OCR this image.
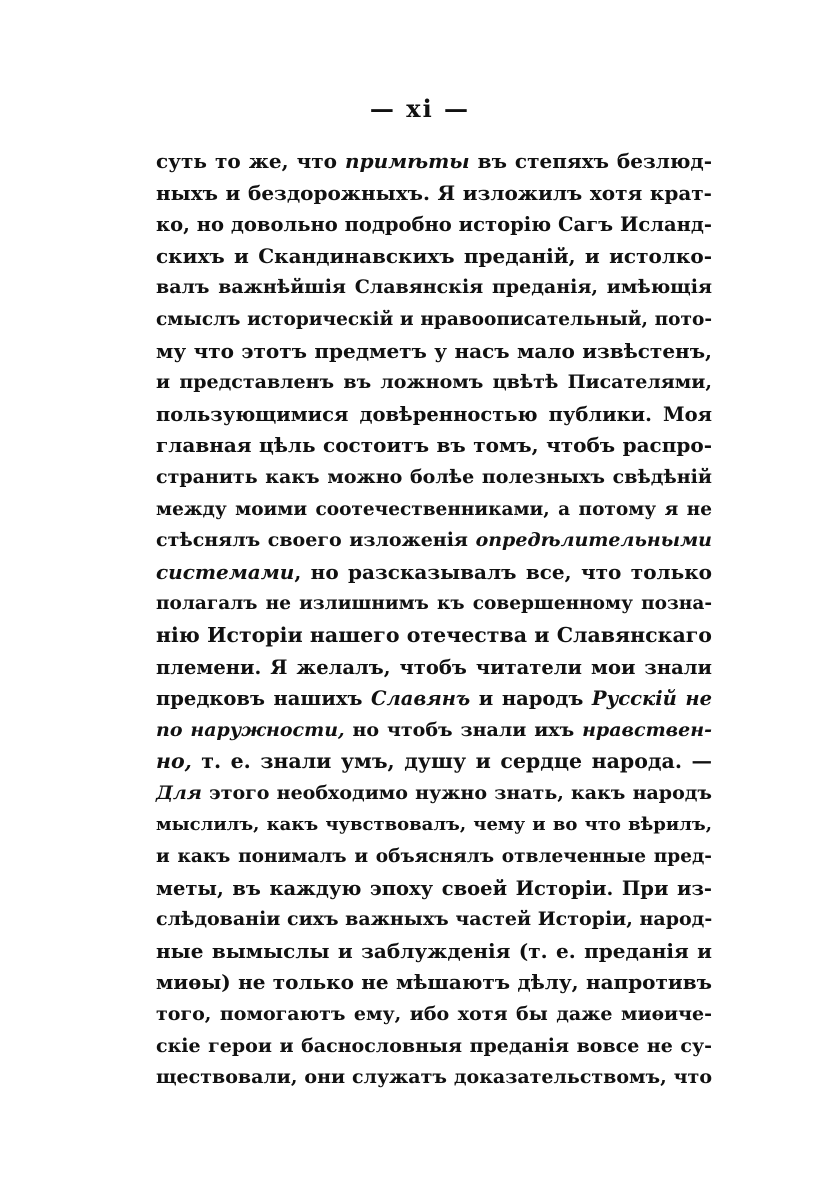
— xi —
суть то же, что примѣты въ степяхъ безлюд-
ныхъ и бездорожныхъ. Я изложилъ хотя крат-
ко, но довольно подробно исторію Сагъ Исланд-
скихъ и Скандинавскихъ преданій, и истолко-
валъ важнѣйшія Славянскія преданія, имѣющія
смыслъ историческій и нравоописательный, пото-
му что этотъ предметъ у насъ мало извѣстенъ,
и представленъ въ ложномъ цвѣтѣ Писателями,
пользующимися довѣренностью публики. Моя
главная цѣль состоитъ въ томъ, чтобъ распро-
странить какъ можно болѣе полезныхъ свѣдѣній
между моими соотечественниками, а потому я не
стѣснялъ своего изложенія опредѣлительными
системами, но разсказывалъ все, что только
полагалъ не излишнимъ къ совершенному позна-
нію Исторіи нашего отечества и Славянскаго
племени. Я желалъ, чтобъ читатели мои знали
предковъ нашихъ Славянъ и народъ Русскій не
по наружности, но чтобъ знали ихъ нравствен-
но, т. е. знали умъ, душу и сердце народа. —
Для этого необходимо нужно знать, какъ народъ
мыслилъ, какъ чувствовалъ, чему и во что вѣрилъ,
и какъ понималъ и объяснялъ отвлеченные пред-
меты, въ каждую эпоху своей Исторіи. При из-
слѣдованіи сихъ важныхъ частей Исторіи, народ-
ные вымыслы и заблужденія (т. е. преданія и
миѳы) не только не мѣшаютъ дѣлу, напротивъ
того, помогаютъ ему, ибо хотя бы даже миѳиче-
скіе герои и баснословныя преданія вовсе не су-
ществовали, они служатъ доказательствомъ, что
